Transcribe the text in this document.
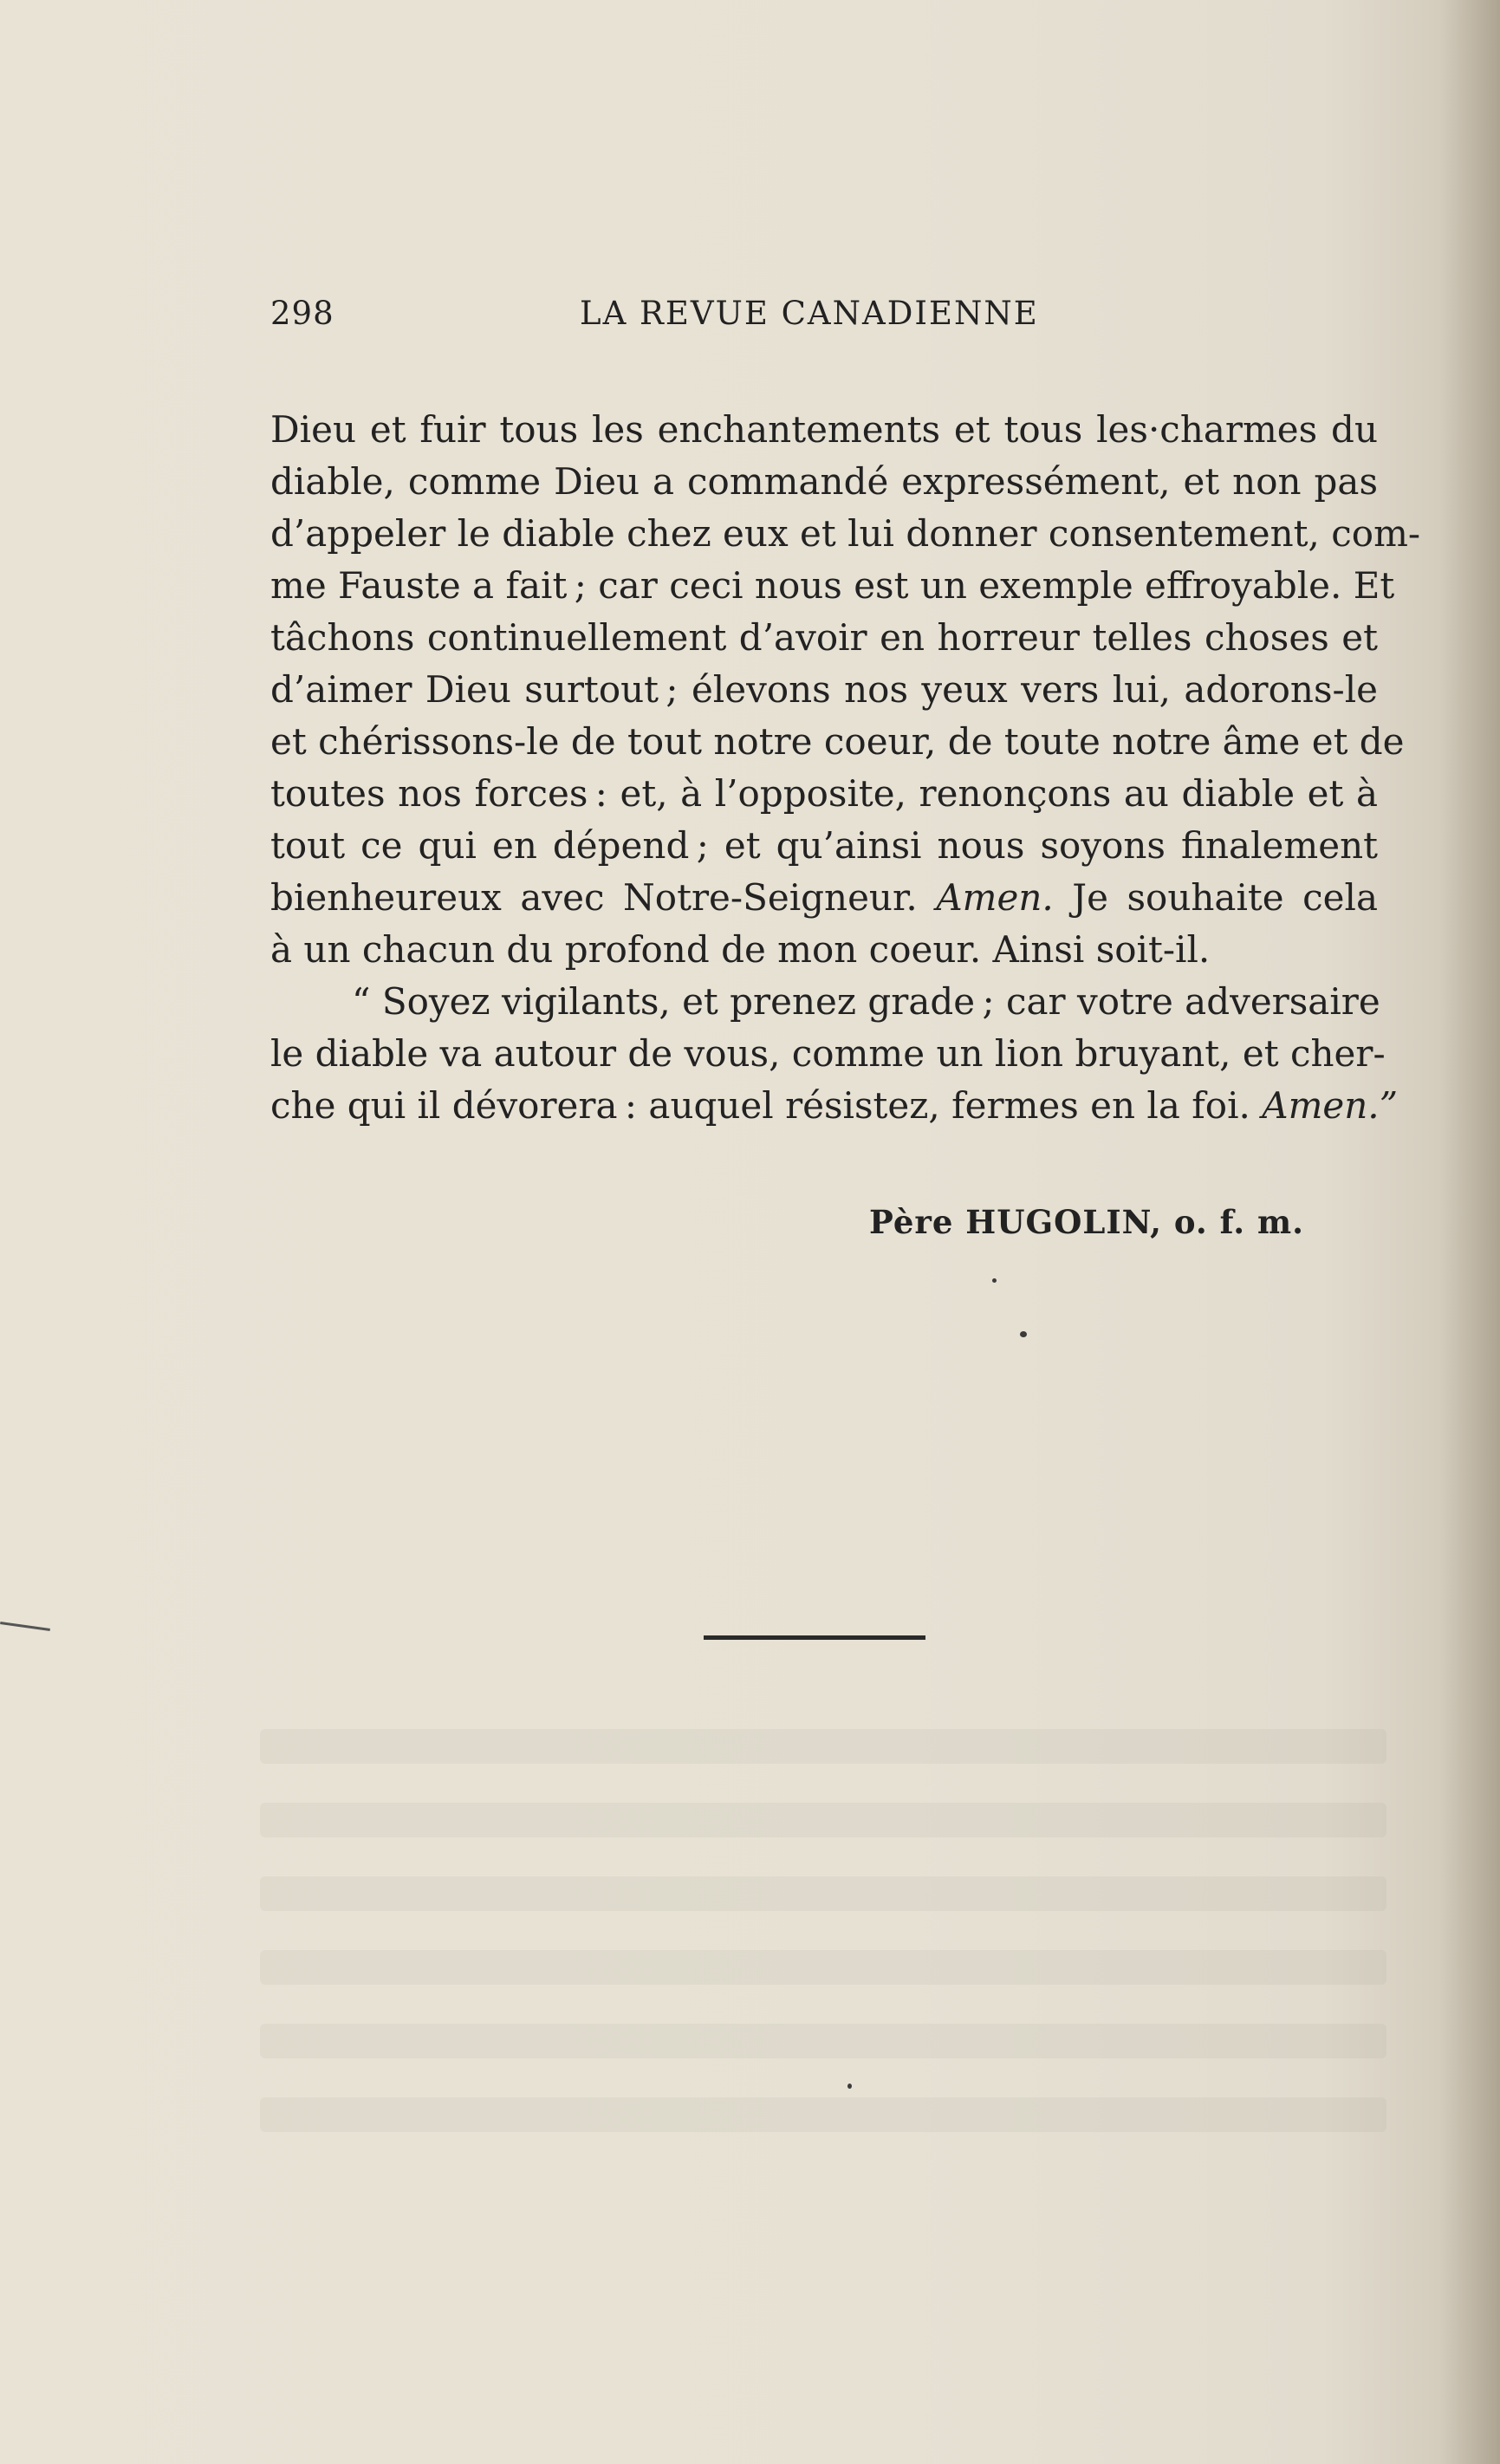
298	LA REVUE CANADIENNE
Dieu et fuir tous les enchantements et tous les·charmes du
diable, comme Dieu a commandé expressément, et non pas
d’appeler le diable chez eux et lui donner consentement, com-
me Fauste a fait ; car ceci nous est un exemple effroyable. Et
tâchons continuellement d’avoir en horreur telles choses et
d’aimer Dieu surtout ; élevons nos yeux vers lui, adorons-le
et chérissons-le de tout notre coeur, de toute notre âme et de
toutes nos forces : et, à l’opposite, renonçons au diable et à
tout ce qui en dépend ; et qu’ainsi nous soyons finalement
bienheureux avec Notre-Seigneur. Amen. Je souhaite cela
à un chacun du profond de mon coeur. Ainsi soit-il.
“ Soyez vigilants, et prenez grade ; car votre adversaire
le diable va autour de vous, comme un lion bruyant, et cher-
che qui il dévorera : auquel résistez, fermes en la foi. Amen.”
Père HUGOLIN, o. f. m.
